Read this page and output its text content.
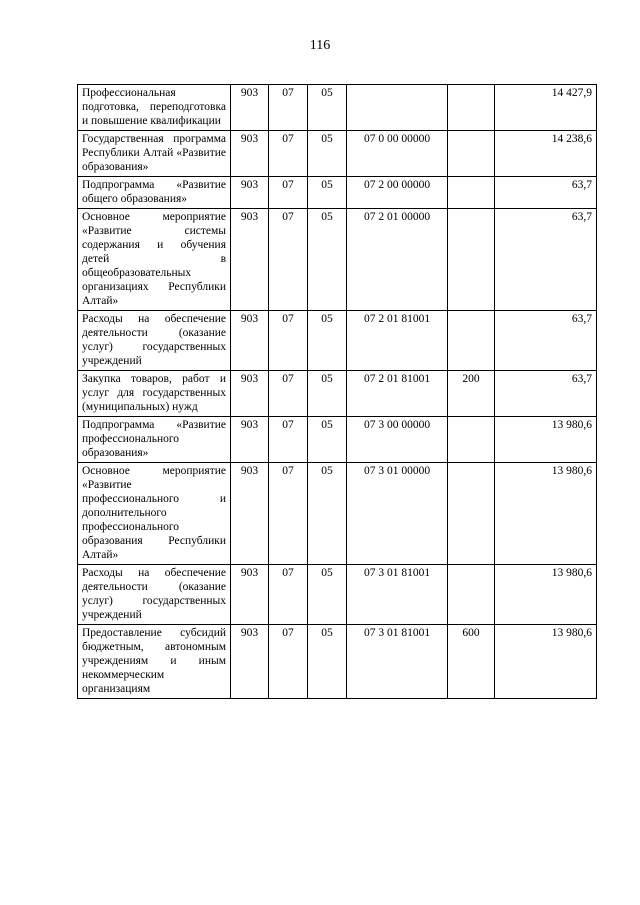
116
Профессиональная подготовка, переподготовка и повышение квалификации	903	07	05			14 427,9
Государственная программа Республики Алтай «Развитие образования»	903	07	05	07 0 00 00000		14 238,6
Подпрограмма «Развитие общего образования»	903	07	05	07 2 00 00000		63,7
Основное мероприятие «Развитие системы содержания и обучения детей в общеобразовательных организациях Республики Алтай»	903	07	05	07 2 01 00000		63,7
Расходы на обеспечение деятельности (оказание услуг) государственных учреждений	903	07	05	07 2 01 81001		63,7
Закупка товаров, работ и услуг для государственных (муниципальных) нужд	903	07	05	07 2 01 81001	200	63,7
Подпрограмма «Развитие профессионального образования»	903	07	05	07 3 00 00000		13 980,6
Основное мероприятие «Развитие профессионального и дополнительного профессионального образования Республики Алтай»	903	07	05	07 3 01 00000		13 980,6
Расходы на обеспечение деятельности (оказание услуг) государственных учреждений	903	07	05	07 3 01 81001		13 980,6
Предоставление субсидий бюджетным, автономным учреждениям и иным некоммерческим организациям	903	07	05	07 3 01 81001	600	13 980,6
